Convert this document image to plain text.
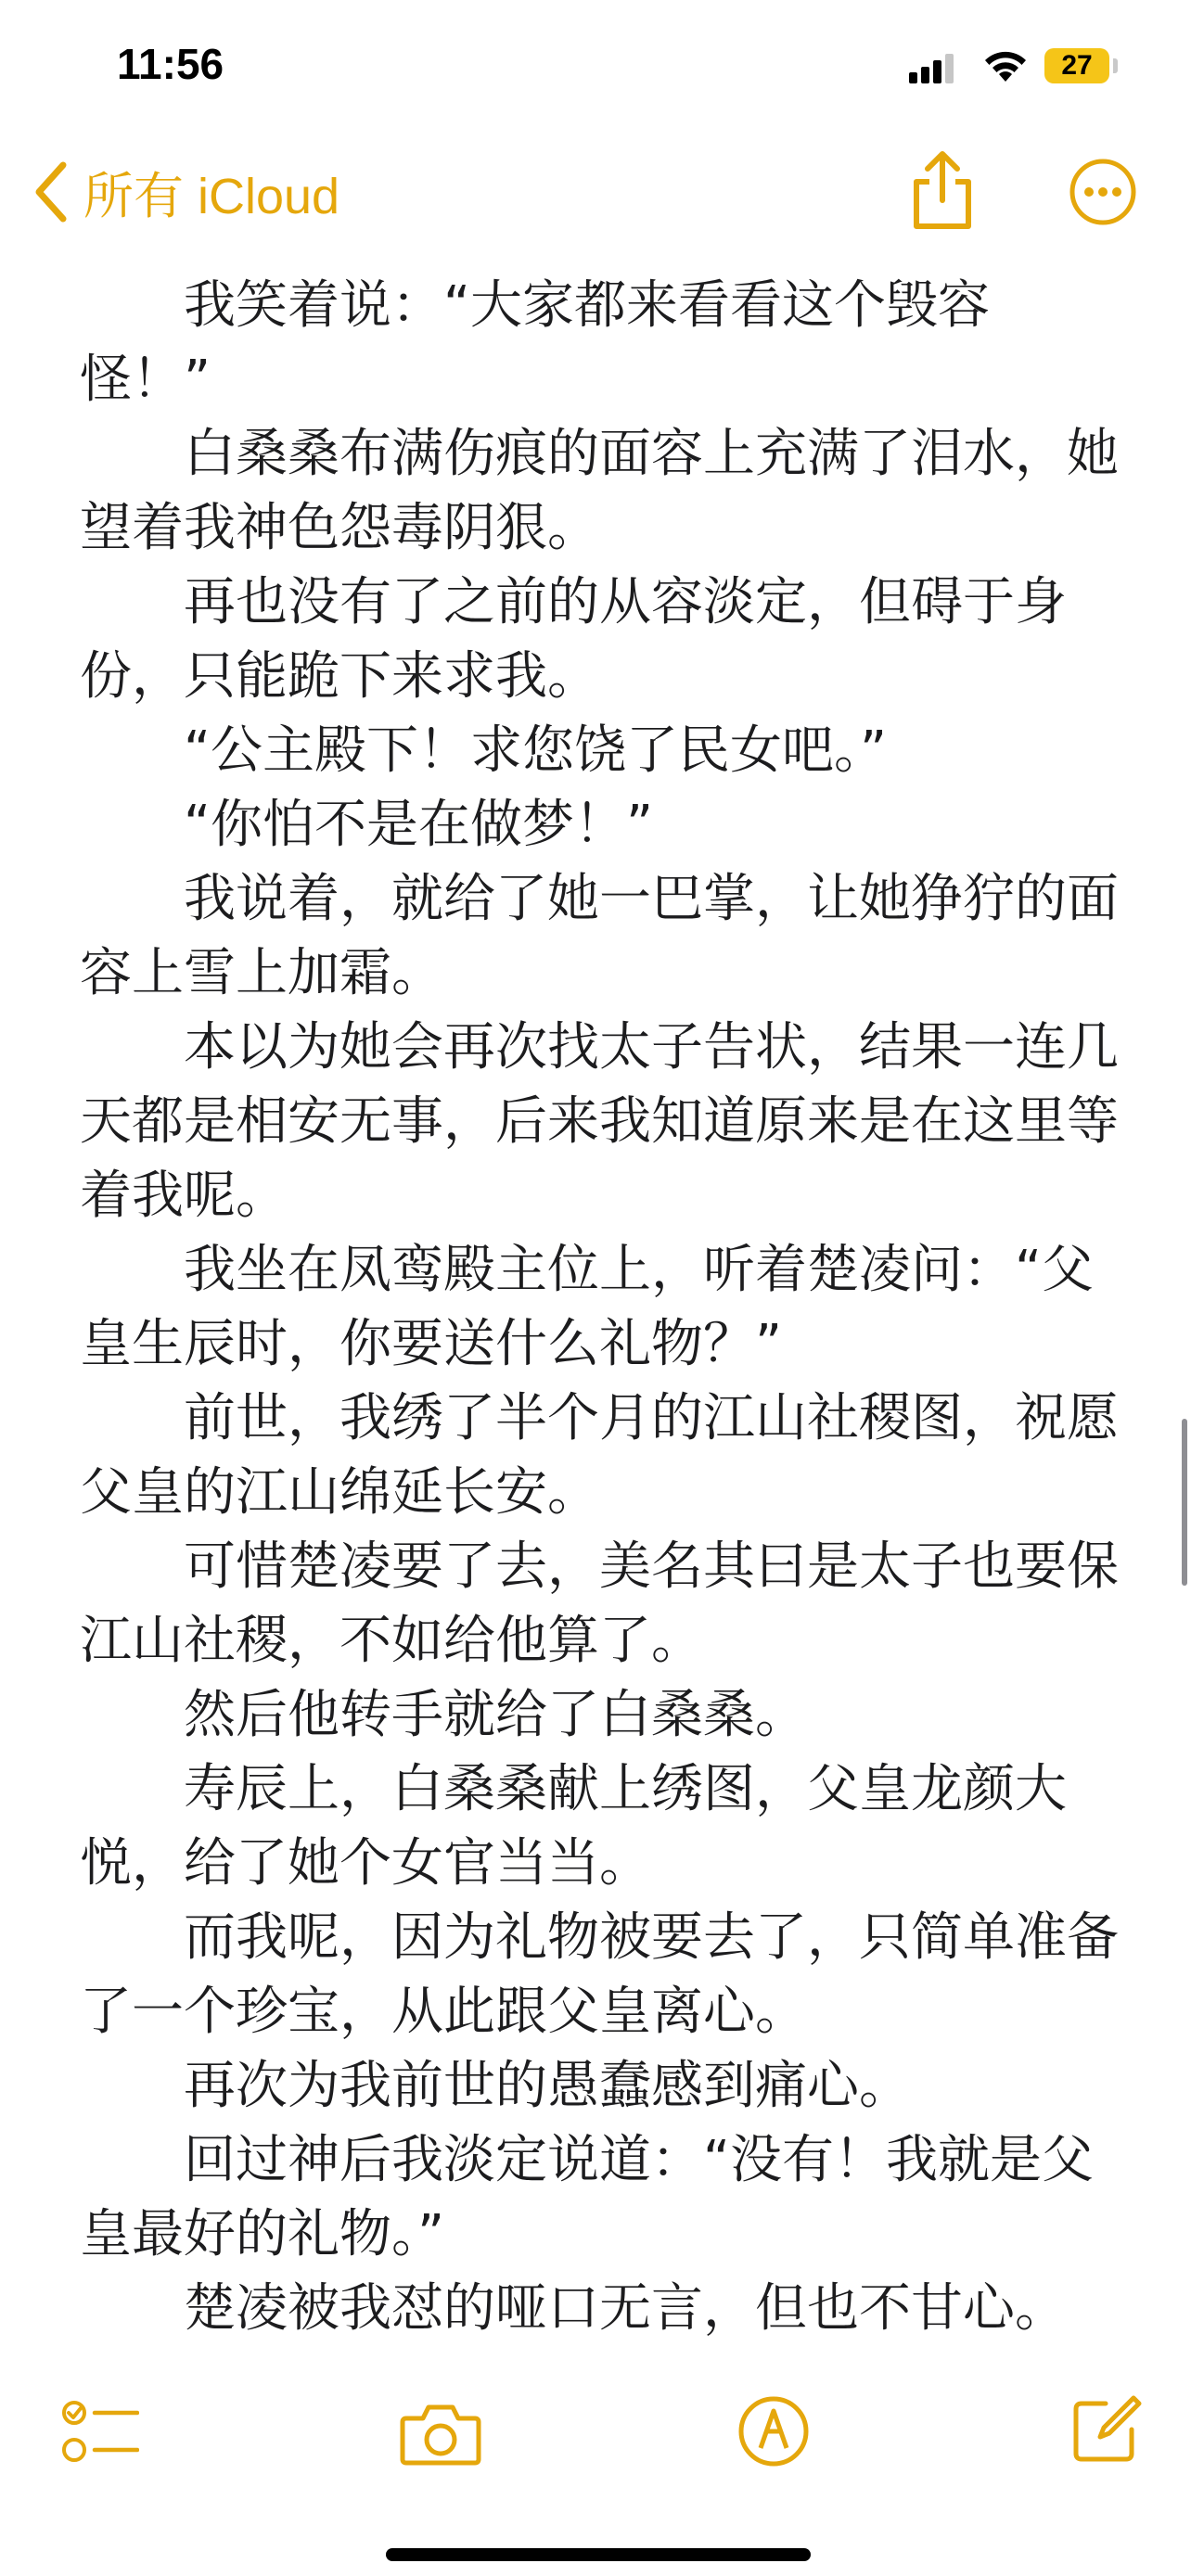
11:56	27
所有 iCloud

我笑着说：“大家都来看看这个毁容怪！”

白桑桑布满伤痕的面容上充满了泪水，她望着我神色怨毒阴狠。

再也没有了之前的从容淡定，但碍于身份，只能跪下来求我。

“公主殿下！求您饶了民女吧。”

“你怕不是在做梦！”

我说着，就给了她一巴掌，让她狰狞的面容上雪上加霜。

本以为她会再次找太子告状，结果一连几天都是相安无事，后来我知道原来是在这里等着我呢。

我坐在凤鸾殿主位上，听着楚凌问：“父皇生辰时，你要送什么礼物？”

前世，我绣了半个月的江山社稷图，祝愿父皇的江山绵延长安。

可惜楚凌要了去，美名其曰是太子也要保江山社稷，不如给他算了。

然后他转手就给了白桑桑。

寿辰上，白桑桑献上绣图，父皇龙颜大悦，给了她个女官当当。

而我呢，因为礼物被要去了，只简单准备了一个珍宝，从此跟父皇离心。

再次为我前世的愚蠢感到痛心。

回过神后我淡定说道：“没有！我就是父皇最好的礼物。”

楚凌被我怼的哑口无言，但也不甘心。
